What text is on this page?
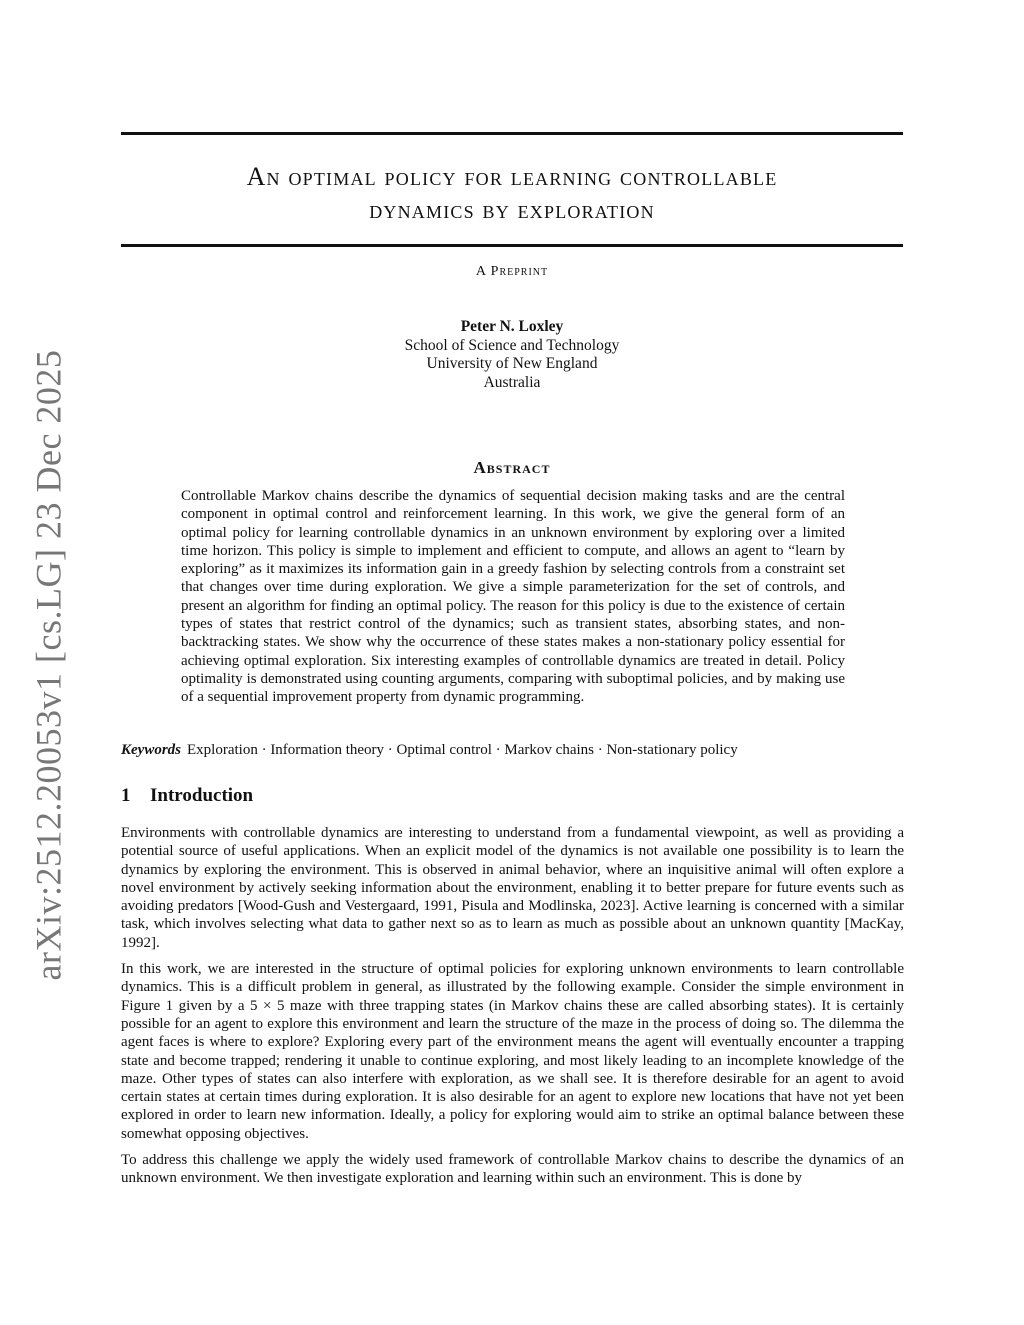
arXiv:2512.20053v1 [cs.LG] 23 Dec 2025
An optimal policy for learning controllable
dynamics by exploration
A Preprint
Peter N. Loxley
School of Science and Technology
University of New England
Australia
Abstract
Controllable Markov chains describe the dynamics of sequential decision making tasks and are the central component in optimal control and reinforcement learning. In this work, we give the general form of an optimal policy for learning controllable dynamics in an unknown environment by exploring over a limited time horizon. This policy is simple to implement and efficient to compute, and allows an agent to “learn by exploring” as it maximizes its information gain in a greedy fashion by selecting controls from a constraint set that changes over time during exploration. We give a simple parameterization for the set of controls, and present an algorithm for finding an optimal policy. The reason for this policy is due to the existence of certain types of states that restrict control of the dynamics; such as transient states, absorbing states, and non-backtracking states. We show why the occurrence of these states makes a non-stationary policy essential for achieving optimal exploration. Six interesting examples of controllable dynamics are treated in detail. Policy optimality is demonstrated using counting arguments, comparing with suboptimal policies, and by making use of a sequential improvement property from dynamic programming.
Keywords Exploration · Information theory · Optimal control · Markov chains · Non-stationary policy
1 Introduction

Environments with controllable dynamics are interesting to understand from a fundamental viewpoint, as well as providing a potential source of useful applications. When an explicit model of the dynamics is not available one possibility is to learn the dynamics by exploring the environment. This is observed in animal behavior, where an inquisitive animal will often explore a novel environment by actively seeking information about the environment, enabling it to better prepare for future events such as avoiding predators [Wood-Gush and Vestergaard, 1991, Pisula and Modlinska, 2023]. Active learning is concerned with a similar task, which involves selecting what data to gather next so as to learn as much as possible about an unknown quantity [MacKay, 1992].

In this work, we are interested in the structure of optimal policies for exploring unknown environments to learn controllable dynamics. This is a difficult problem in general, as illustrated by the following example. Consider the simple environment in Figure 1 given by a 5 × 5 maze with three trapping states (in Markov chains these are called absorbing states). It is certainly possible for an agent to explore this environment and learn the structure of the maze in the process of doing so. The dilemma the agent faces is where to explore? Exploring every part of the environment means the agent will eventually encounter a trapping state and become trapped; rendering it unable to continue exploring, and most likely leading to an incomplete knowledge of the maze. Other types of states can also interfere with exploration, as we shall see. It is therefore desirable for an agent to avoid certain states at certain times during exploration. It is also desirable for an agent to explore new locations that have not yet been explored in order to learn new information. Ideally, a policy for exploring would aim to strike an optimal balance between these somewhat opposing objectives.

To address this challenge we apply the widely used framework of controllable Markov chains to describe the dynamics of an unknown environment. We then investigate exploration and learning within such an environment. This is done by
